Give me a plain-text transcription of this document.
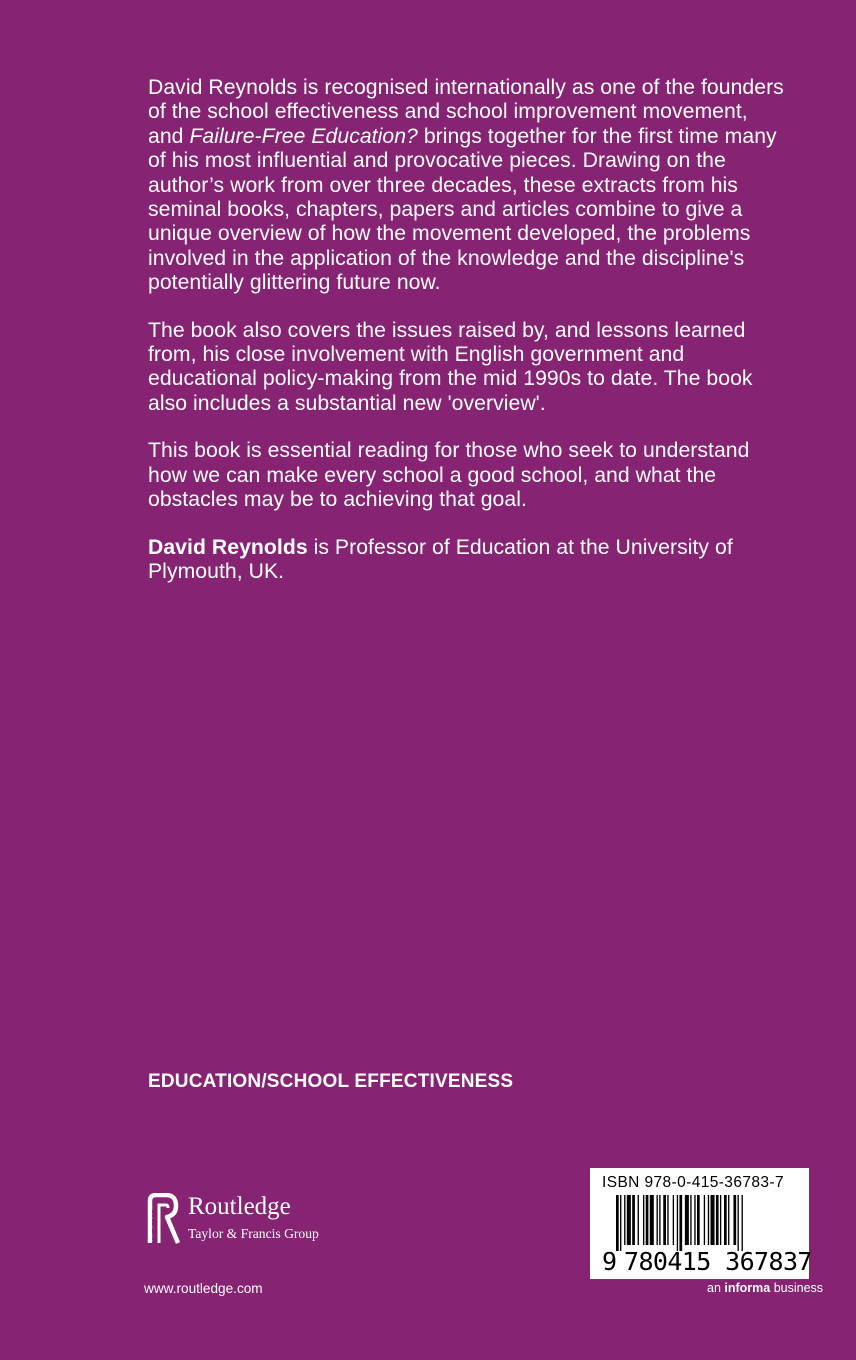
David Reynolds is recognised internationally as one of the founders of the school effectiveness and school improvement movement, and Failure-Free Education? brings together for the first time many of his most influential and provocative pieces. Drawing on the author’s work from over three decades, these extracts from his seminal books, chapters, papers and articles combine to give a unique overview of how the movement developed, the problems involved in the application of the knowledge and the discipline's potentially glittering future now.

The book also covers the issues raised by, and lessons learned from, his close involvement with English government and educational policy-making from the mid 1990s to date. The book also includes a substantial new 'overview'.

This book is essential reading for those who seek to understand how we can make every school a good school, and what the obstacles may be to achieving that goal.

David Reynolds is Professor of Education at the University of Plymouth, UK.

EDUCATION/SCHOOL EFFECTIVENESS
ROUTLEDGE
Routledge
Taylor & Francis Group
www.routledge.com
ISBN 978-0-415-36783-7
9 780415 367837
an informa business
